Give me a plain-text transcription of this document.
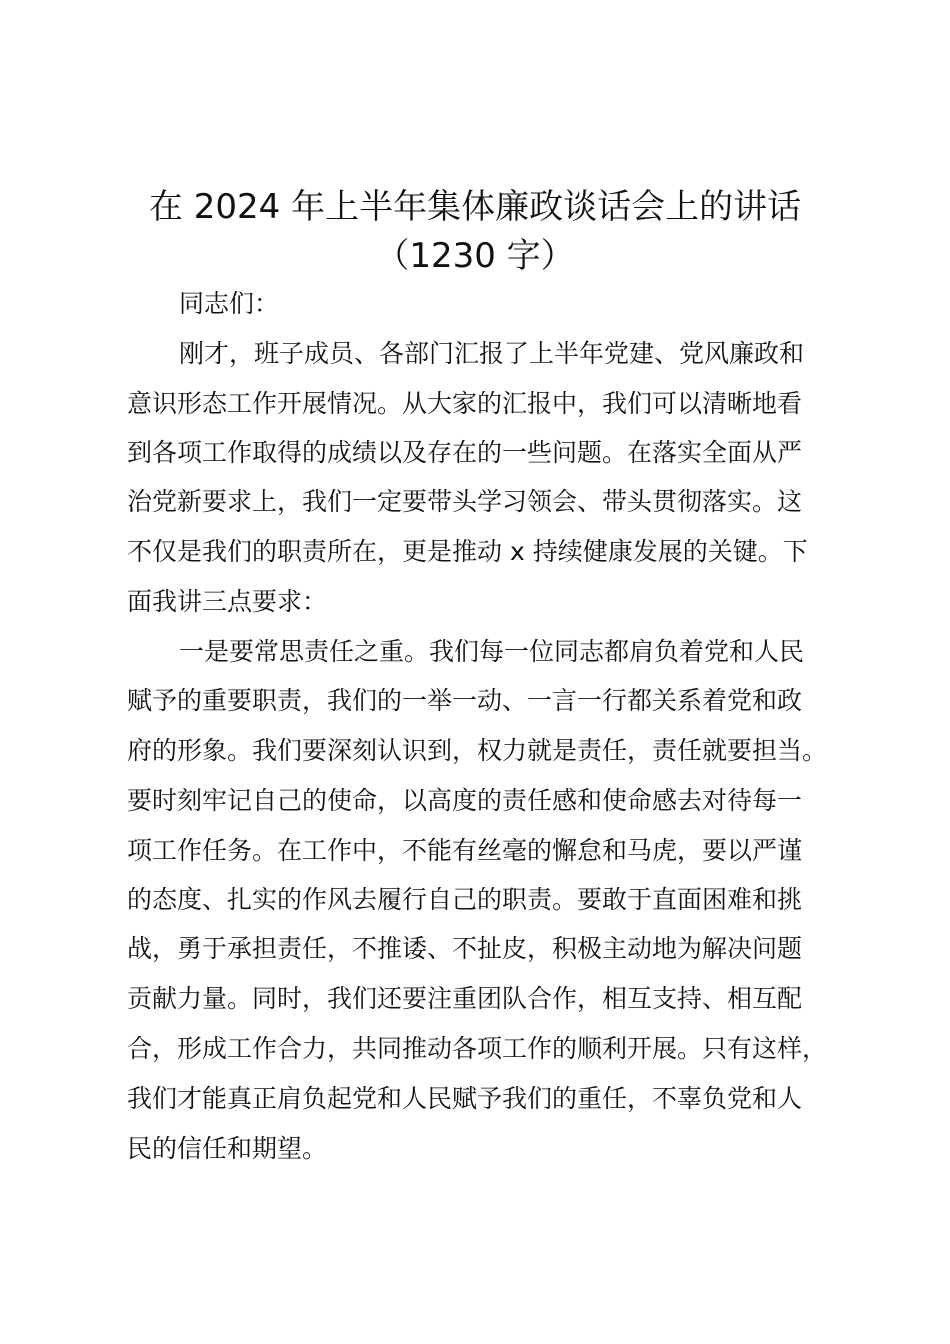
在 2024 年上半年集体廉政谈话会上的讲话
（1230 字）
同志们：
刚才，班子成员、各部门汇报了上半年党建、党风廉政和
意识形态工作开展情况。从大家的汇报中，我们可以清晰地看
到各项工作取得的成绩以及存在的一些问题。在落实全面从严
治党新要求上，我们一定要带头学习领会、带头贯彻落实。这
不仅是我们的职责所在，更是推动 x 持续健康发展的关键。下
面我讲三点要求：
一是要常思责任之重。我们每一位同志都肩负着党和人民
赋予的重要职责，我们的一举一动、一言一行都关系着党和政
府的形象。我们要深刻认识到，权力就是责任，责任就要担当。
要时刻牢记自己的使命，以高度的责任感和使命感去对待每一
项工作任务。在工作中，不能有丝毫的懈怠和马虎，要以严谨
的态度、扎实的作风去履行自己的职责。要敢于直面困难和挑
战，勇于承担责任，不推诿、不扯皮，积极主动地为解决问题
贡献力量。同时，我们还要注重团队合作，相互支持、相互配
合，形成工作合力，共同推动各项工作的顺利开展。只有这样，
我们才能真正肩负起党和人民赋予我们的重任，不辜负党和人
民的信任和期望。
